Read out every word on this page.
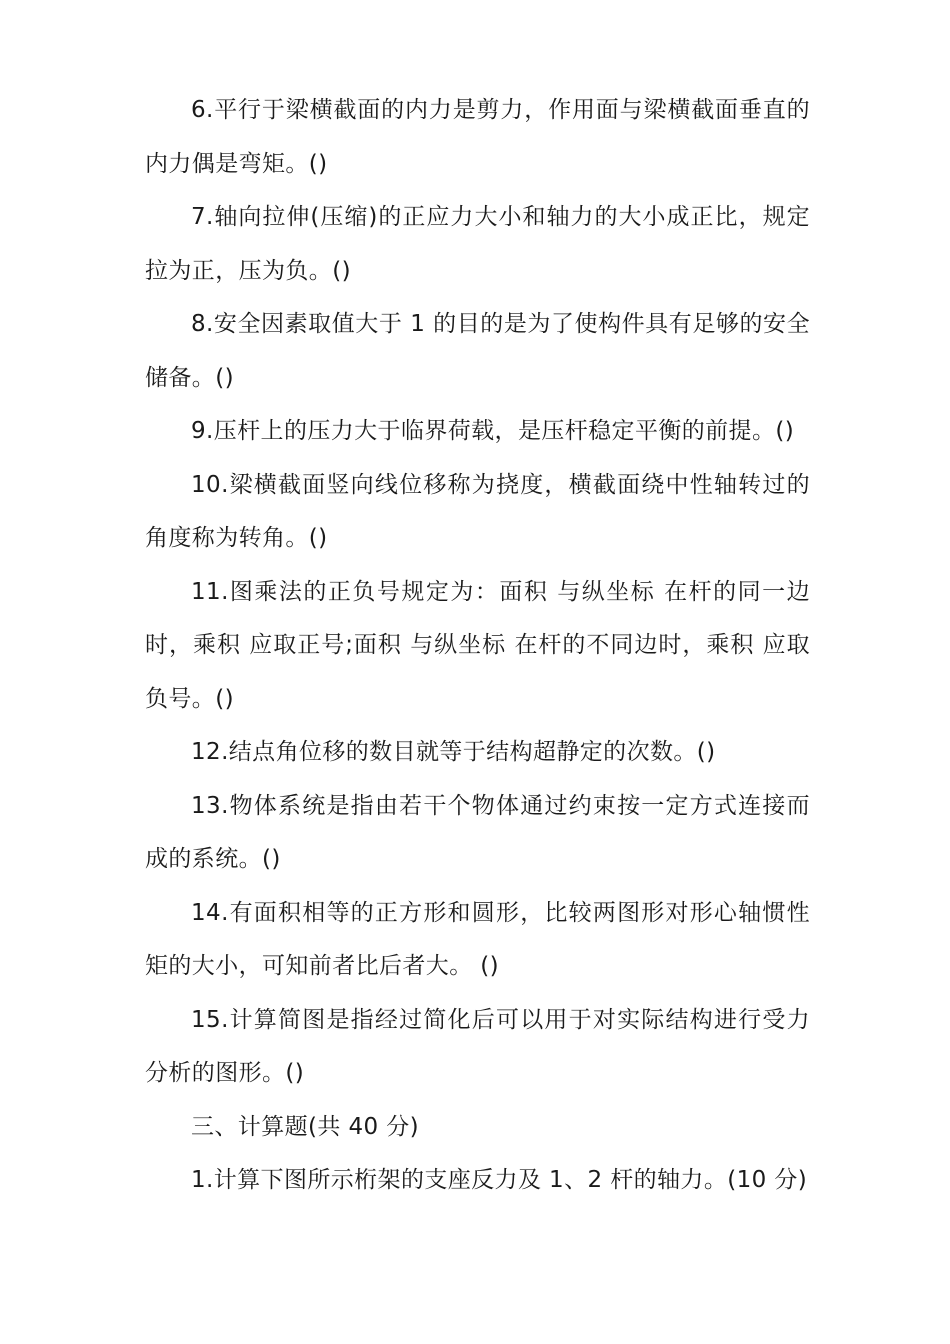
6.平行于梁横截面的内力是剪力，作用面与梁横截面垂直的内力偶是弯矩。()

7.轴向拉伸(压缩)的正应力大小和轴力的大小成正比，规定拉为正，压为负。()

8.安全因素取值大于 1 的目的是为了使构件具有足够的安全储备。()

9.压杆上的压力大于临界荷载，是压杆稳定平衡的前提。()

10.梁横截面竖向线位移称为挠度，横截面绕中性轴转过的角度称为转角。()

11.图乘法的正负号规定为：面积 与纵坐标 在杆的同一边时，乘积 应取正号;面积 与纵坐标 在杆的不同边时，乘积 应取负号。()

12.结点角位移的数目就等于结构超静定的次数。()

13.物体系统是指由若干个物体通过约束按一定方式连接而成的系统。()

14.有面积相等的正方形和圆形，比较两图形对形心轴惯性矩的大小，可知前者比后者大。 ()

15.计算简图是指经过简化后可以用于对实际结构进行受力分析的图形。()

三、计算题(共 40 分)

1.计算下图所示桁架的支座反力及 1、2 杆的轴力。(10 分)
